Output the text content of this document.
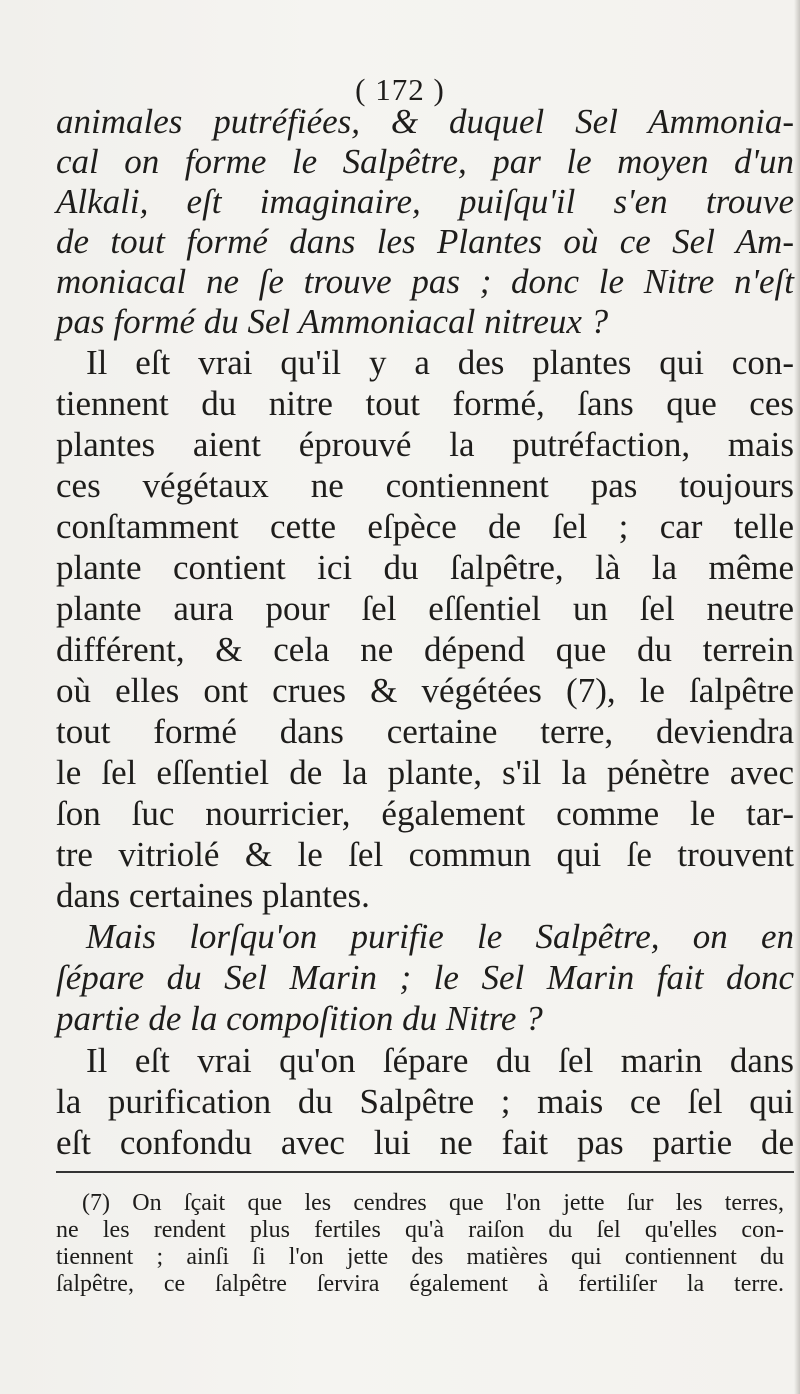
( 172 )
animales putréfiées, & duquel Sel Ammonia-
cal on forme le Salpêtre, par le moyen d'un
Alkali, eſt imaginaire, puiſqu'il s'en trouve
de tout formé dans les Plantes où ce Sel Am-
moniacal ne ſe trouve pas ; donc le Nitre n'eſt
pas formé du Sel Ammoniacal nitreux ?
Il eſt vrai qu'il y a des plantes qui con-
tiennent du nitre tout formé, ſans que ces
plantes aient éprouvé la putréfaction, mais
ces végétaux ne contiennent pas toujours
conſtamment cette eſpèce de ſel ; car telle
plante contient ici du ſalpêtre, là la même
plante aura pour ſel eſſentiel un ſel neutre
différent, & cela ne dépend que du terrein
où elles ont crues & végétées (7), le ſalpêtre
tout formé dans certaine terre, deviendra
le ſel eſſentiel de la plante, s'il la pénètre avec
ſon ſuc nourricier, également comme le tar-
tre vitriolé & le ſel commun qui ſe trouvent
dans certaines plantes.
Mais lorſqu'on purifie le Salpêtre, on en
ſépare du Sel Marin ; le Sel Marin fait donc
partie de la compoſition du Nitre ?
Il eſt vrai qu'on ſépare du ſel marin dans
la purification du Salpêtre ; mais ce ſel qui
eſt confondu avec lui ne fait pas partie de
(7) On ſçait que les cendres que l'on jette ſur les terres,
ne les rendent plus fertiles qu'à raiſon du ſel qu'elles con-
tiennent ; ainſi ſi l'on jette des matières qui contiennent du
ſalpêtre, ce ſalpêtre ſervira également à fertiliſer la terre.
